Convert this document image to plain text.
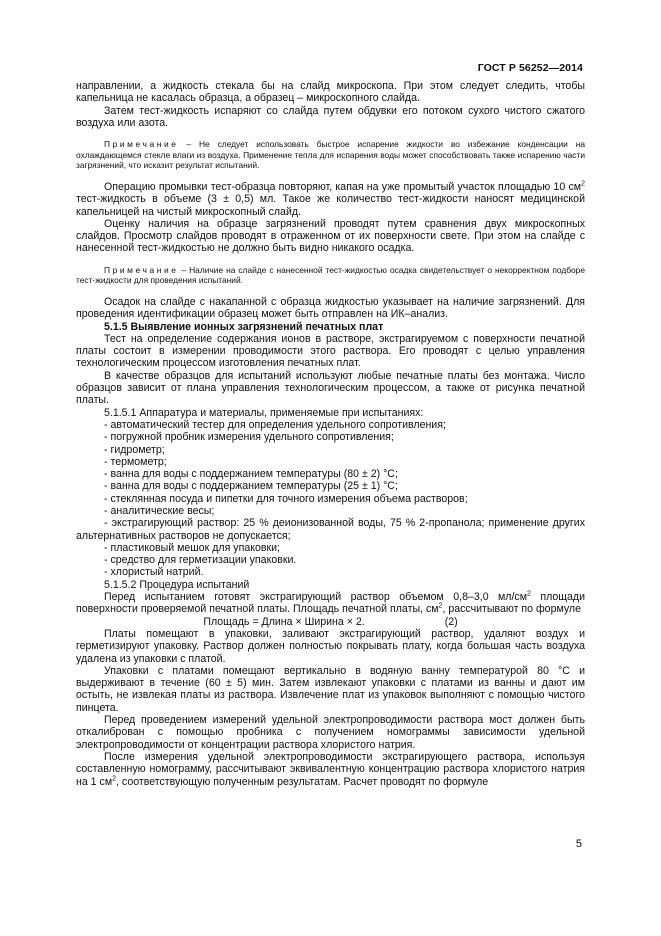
ГОСТ Р 56252—2014

направлении, а жидкость стекала бы на слайд микроскопа. При этом следует следить, чтобы капельница не касалась образца, а образец – микроскопного слайда.

Затем тест-жидкость испаряют со слайда путем обдувки его потоком сухого чистого сжатого воздуха или азота.

Примечание – Не следует использовать быстрое испарение жидкости во избежание конденсации на охлаждающемся стекле влаги из воздуха. Применение тепла для испарения воды может способствовать также испарению части загрязнений, что исказит результат испытаний.

Операцию промывки тест-образца повторяют, капая на уже промытый участок площадью 10 $см^2$ тест-жидкость в объеме (3 ± 0,5) мл. Такое же количество тест-жидкости наносят медицинской капельницей на чистый микроскопный слайд.

Оценку наличия на образце загрязнений проводят путем сравнения двух микроскопных слайдов. Просмотр слайдов проводят в отраженном от их поверхности свете. При этом на слайде с нанесенной тест-жидкостью не должно быть видно никакого осадка.

Примечание – Наличие на слайде с нанесенной тест-жидкостью осадка свидетельствует о некорректном подборе тест-жидкости для проведения испытаний.

Осадок на слайде с накапанной с образца жидкостью указывает на наличие загрязнений. Для проведения идентификации образец может быть отправлен на ИК–анализ.

5.1.5 Выявление ионных загрязнений печатных плат

Тест на определение содержания ионов в растворе, экстрагируемом с поверхности печатной платы состоит в измерении проводимости этого раствора. Его проводят с целью управления технологическим процессом изготовления печатных плат.

В качестве образцов для испытаний используют любые печатные платы без монтажа. Число образцов зависит от плана управления технологическим процессом, а также от рисунка печатной платы.

5.1.5.1 Аппаратура и материалы, применяемые при испытаниях:

- автоматический тестер для определения удельного сопротивления;

- погружной пробник измерения удельного сопротивления;

- гидрометр;

- термометр;

- ванна для воды с поддержанием температуры (80 ± 2) °С;

- ванна для воды с поддержанием температуры (25 ± 1) °С;

- стеклянная посуда и пипетки для точного измерения объема растворов;

- аналитические весы;

- экстрагирующий раствор: 25 % деионизованной воды, 75 % 2-пропанола; применение других альтернативных растворов не допускается;

- пластиковый мешок для упаковки;

- средство для герметизации упаковки.

- хлористый натрий.

5.1.5.2 Процедура испытаний

Перед испытанием готовят экстрагирующий раствор объемом 0,8–3,0 $мл/см^2$ площади поверхности проверяемой печатной платы. Площадь печатной платы, $см^2$, рассчитывают по формуле

Площадь = Длина × Ширина × 2.	(2)

Платы помещают в упаковки, заливают экстрагирующий раствор, удаляют воздух и герметизируют упаковку. Раствор должен полностью покрывать плату, когда большая часть воздуха удалена из упаковки с платой.

Упаковки с платами помещают вертикально в водяную ванну температурой 80 °С и выдерживают в течение (60 ± 5) мин. Затем извлекают упаковки с платами из ванны и дают им остыть, не извлекая платы из раствора. Извлечение плат из упаковок выполняют с помощью чистого пинцета.

Перед проведением измерений удельной электропроводимости раствора мост должен быть откалиброван с помощью пробника с получением номограммы зависимости удельной электропроводимости от концентрации раствора хлористого натрия.

После измерения удельной электропроводимости экстрагирующего раствора, используя составленную номограмму, рассчитывают эквивалентную концентрацию раствора хлористого натрия на 1 $см^2$, соответствующую полученным результатам. Расчет проводят по формуле

5
